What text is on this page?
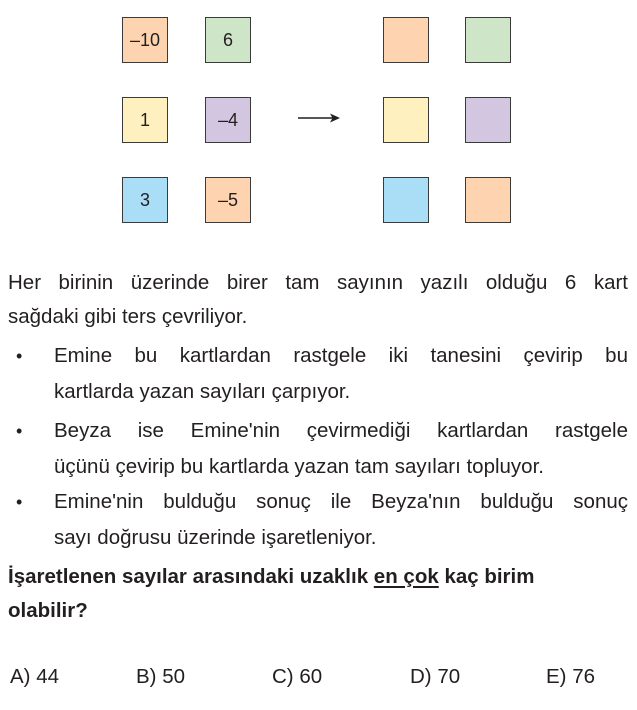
–10	6
1	–4
3	–5
Her birinin üzerinde birer tam sayının yazılı olduğu 6 kart
sağdaki gibi ters çevriliyor.
• Emine bu kartlardan rastgele iki tanesini çevirip bu
kartlarda yazan sayıları çarpıyor.
• Beyza ise Emine'nin çevirmediği kartlardan rastgele
üçünü çevirip bu kartlarda yazan tam sayıları topluyor.
• Emine'nin bulduğu sonuç ile Beyza'nın bulduğu sonuç
sayı doğrusu üzerinde işaretleniyor.
İşaretlenen sayılar arasındaki uzaklık en çok kaç birim
olabilir?
A) 44	B) 50	C) 60	D) 70	E) 76
